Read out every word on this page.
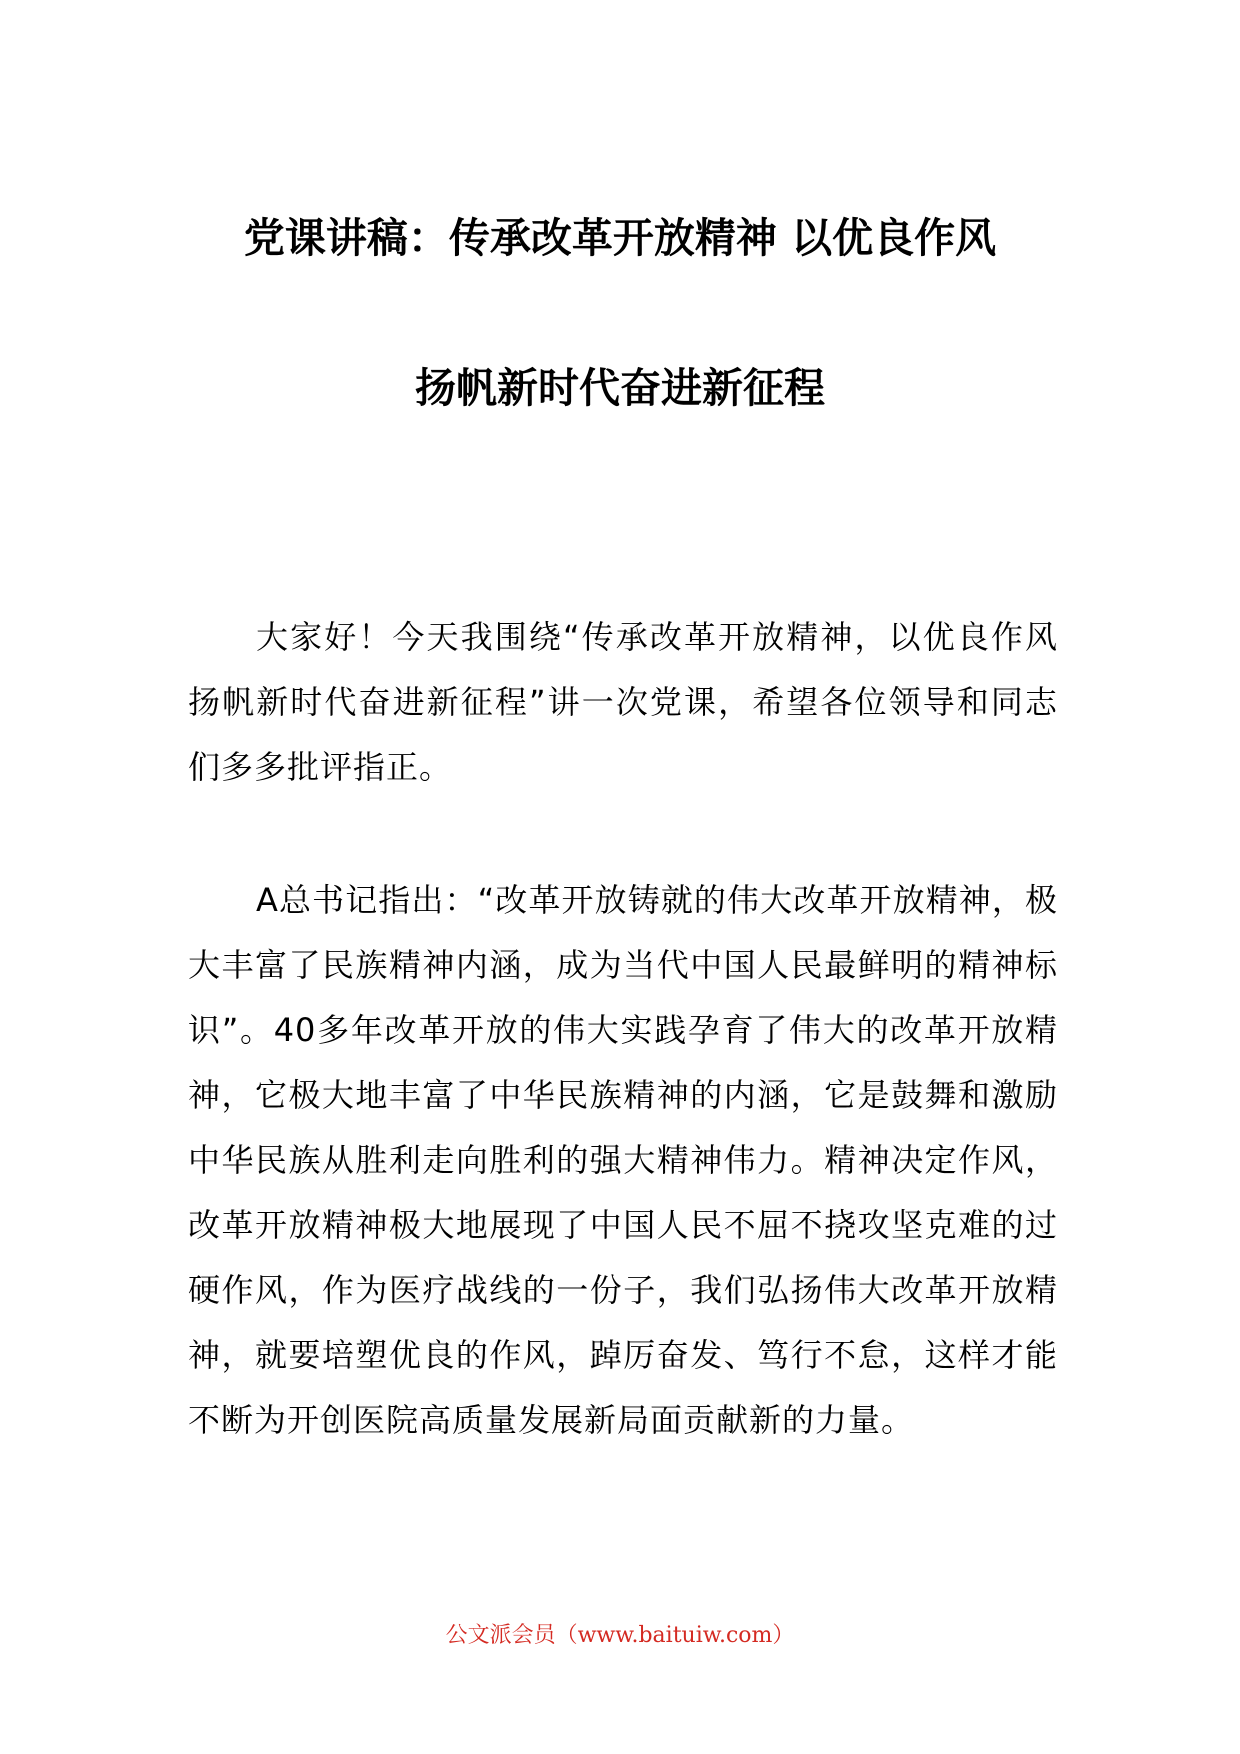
党课讲稿：传承改革开放精神 以优良作风
扬帆新时代奋进新征程

大家好！今天我围绕“传承改革开放精神，以优良作风扬帆新时代奋进新征程”讲一次党课，希望各位领导和同志们多多批评指正。

A总书记指出：“改革开放铸就的伟大改革开放精神，极大丰富了民族精神内涵，成为当代中国人民最鲜明的精神标识”。40多年改革开放的伟大实践孕育了伟大的改革开放精神，它极大地丰富了中华民族精神的内涵，它是鼓舞和激励中华民族从胜利走向胜利的强大精神伟力。精神决定作风，改革开放精神极大地展现了中国人民不屈不挠攻坚克难的过硬作风，作为医疗战线的一份子，我们弘扬伟大改革开放精神，就要培塑优良的作风，踔厉奋发、笃行不怠，这样才能不断为开创医院高质量发展新局面贡献新的力量。

公文派会员（www.baituiw.com）
